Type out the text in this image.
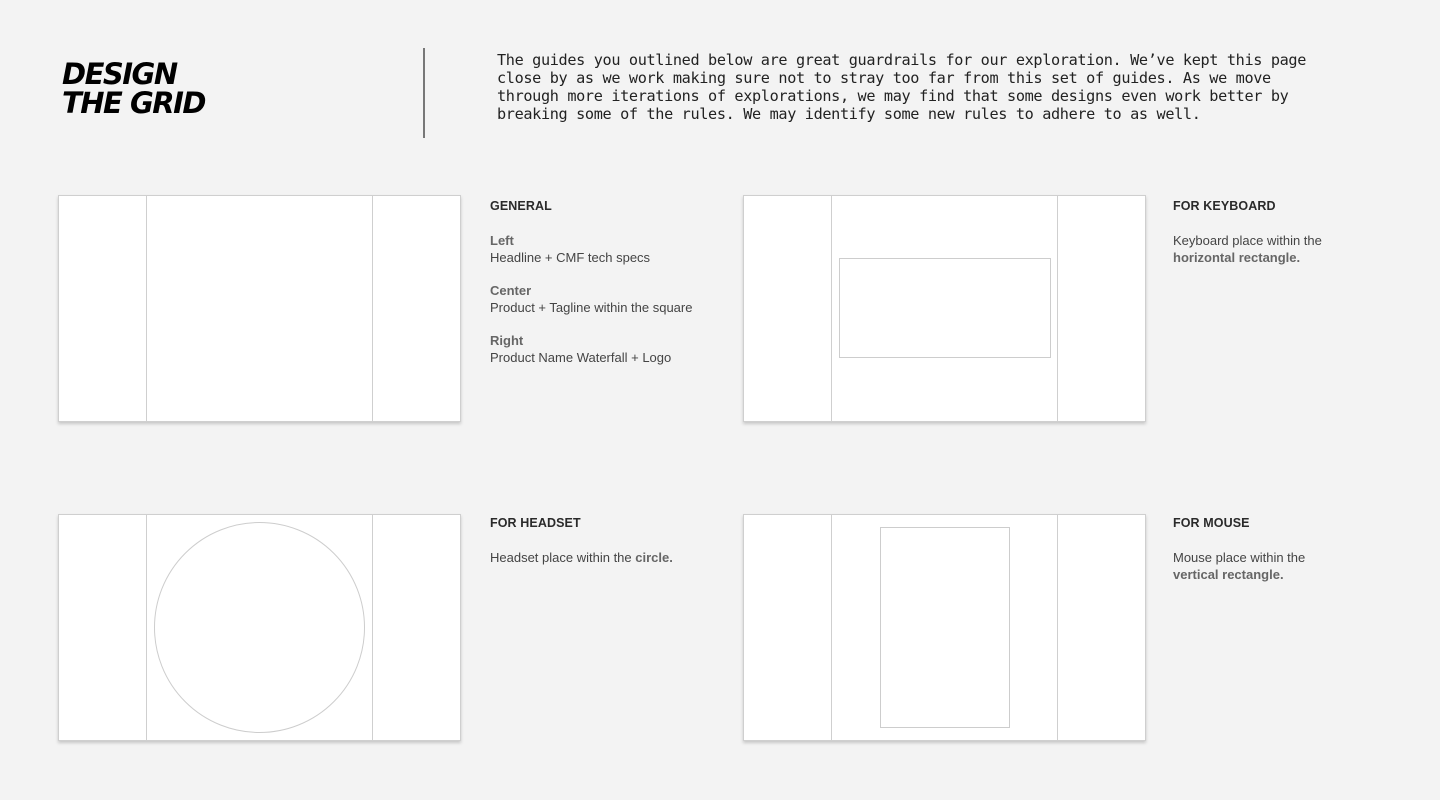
DESIGN
THE GRID

The guides you outlined below are great guardrails for our exploration. We’ve kept this page close by as we work making sure not to stray too far from this set of guides. As we move through more iterations of explorations, we may find that some designs even work better by breaking some of the rules. We may identify some new rules to adhere to as well.

GENERAL
Left
Headline + CMF tech specs
Center
Product + Tagline within the square
Right
Product Name Waterfall + Logo
FOR KEYBOARD

Keyboard place within the

horizontal rectangle.

FOR HEADSET

Headset place within the circle.

FOR MOUSE

Mouse place within the

vertical rectangle.
